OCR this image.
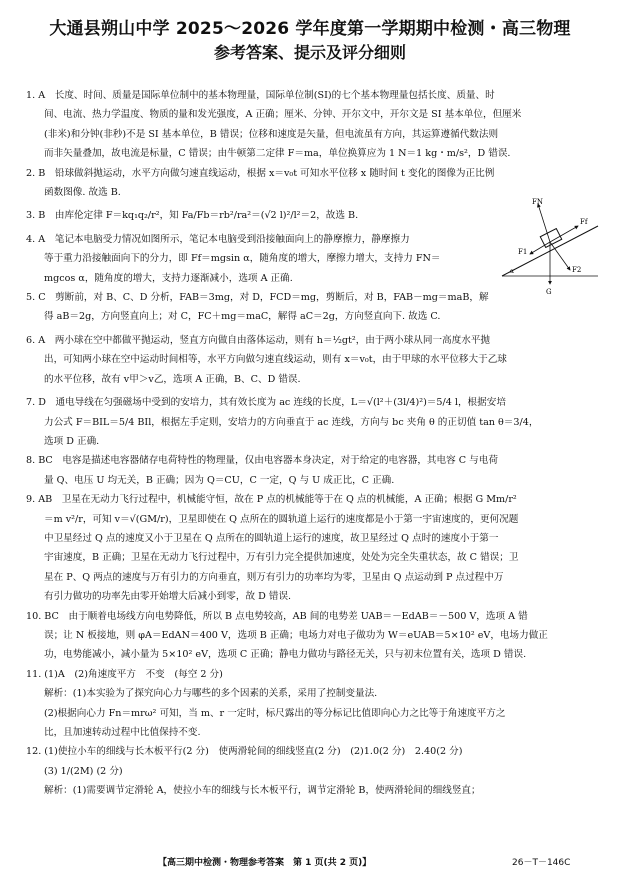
大通县朔山中学 2025～2026 学年度第一学期期中检测・高三物理
参考答案、提示及评分细则
FN
Ff
F1
F2
G
α

1. A　长度、时间、质量是国际单位制中的基本物理量，国际单位制(SI)的七个基本物理量包括长度、质量、时

间、电流、热力学温度、物质的量和发光强度，A 正确；厘米、分钟、开尔文中，开尔文是 SI 基本单位，但厘米

(非米)和分钟(非秒)不是 SI 基本单位，B 错误；位移和速度是矢量，但电流虽有方向，其运算遵循代数法则

而非矢量叠加，故电流是标量，C 错误；由牛顿第二定律 F＝ma，单位换算应为 1 N＝1 kg・m/s²，D 错误.

2. B　铅球做斜抛运动，水平方向做匀速直线运动，根据 x＝v₀t 可知水平位移 x 随时间 t 变化的图像为正比例

函数图像. 故选 B.

3. B　由库伦定律 F＝kq₁q₂/r²，知 Fa/Fb＝rb²/ra²＝(√2 l)²/l²＝2，故选 B.

4. A　笔记本电脑受力情况如图所示，笔记本电脑受到沿接触面向上的静摩擦力，静摩擦力

等于重力沿接触面向下的分力，即 Ff＝mgsin α，随角度的增大，摩擦力增大，支持力 FN＝

mgcos α，随角度的增大，支持力逐渐减小，选项 A 正确.

5. C　剪断前，对 B、C、D 分析，FAB＝3mg，对 D，FCD＝mg，剪断后，对 B，FAB－mg＝maB，解

得 aB＝2g，方向竖直向上；对 C，FC＋mg＝maC，解得 aC＝2g，方向竖直向下. 故选 C.

6. A　两小球在空中都做平抛运动，竖直方向做自由落体运动，则有 h＝½gt²，由于两小球从同一高度水平抛

出，可知两小球在空中运动时间相等，水平方向做匀速直线运动，则有 x＝v₀t，由于甲球的水平位移大于乙球

的水平位移，故有 v甲＞v乙，选项 A 正确，B、C、D 错误.

7. D　通电导线在匀强磁场中受到的安培力，其有效长度为 ac 连线的长度，L＝√(l²＋(3l/4)²)＝5/4 l，根据安培

力公式 F＝BIL＝5/4 BIl，根据左手定则，安培力的方向垂直于 ac 连线，方向与 bc 夹角 θ 的正切值 tan θ＝3/4，

选项 D 正确.

8. BC　电容是描述电容器储存电荷特性的物理量，仅由电容器本身决定，对于给定的电容器，其电容 C 与电荷

量 Q、电压 U 均无关，B 正确；因为 Q＝CU，C 一定，Q 与 U 成正比，C 正确.

9. AB　卫星在无动力飞行过程中，机械能守恒，故在 P 点的机械能等于在 Q 点的机械能，A 正确；根据 G Mm/r²

＝m v²/r，可知 v＝√(GM/r)，卫星即使在 Q 点所在的圆轨道上运行的速度都是小于第一宇宙速度的，更何况题

中卫星经过 Q 点的速度又小于卫星在 Q 点所在的圆轨道上运行的速度，故卫星经过 Q 点时的速度小于第一

宇宙速度，B 正确；卫星在无动力飞行过程中，万有引力完全提供加速度，处处为完全失重状态，故 C 错误；卫

星在 P、Q 两点的速度与万有引力的方向垂直，则万有引力的功率均为零，卫星由 Q 点运动到 P 点过程中万

有引力做功的功率先由零开始增大后减小到零，故 D 错误.

10. BC　由于顺着电场线方向电势降低，所以 B 点电势较高，AB 间的电势差 UAB＝－EdAB＝－500 V，选项 A 错

误；让 N 板接地，则 φA＝EdAN＝400 V，选项 B 正确；电场力对电子做功为 W＝eUAB＝5×10² eV，电场力做正

功，电势能减小，减小量为 5×10² eV，选项 C 正确；静电力做功与路径无关，只与初末位置有关，选项 D 错误.

11. (1)A　(2)角速度平方　不变　(每空 2 分)

解析：(1)本实验为了探究向心力与哪些的多个因素的关系，采用了控制变量法.

(2)根据向心力 Fn＝mrω² 可知，当 m、r 一定时，标尺露出的等分标记比值即向心力之比等于角速度平方之

比，且加速转动过程中比值保持不变.

12. (1)使拉小车的细线与长木板平行(2 分)　使两滑轮间的细线竖直(2 分)　(2)1.0(2 分)　2.40(2 分)

(3) 1/(2M) (2 分)

解析：(1)需要调节定滑轮 A，使拉小车的细线与长木板平行，调节定滑轮 B，使两滑轮间的细线竖直；

【高三期中检测・物理参考答案　第 1 页(共 2 页)】	26－T－146C
